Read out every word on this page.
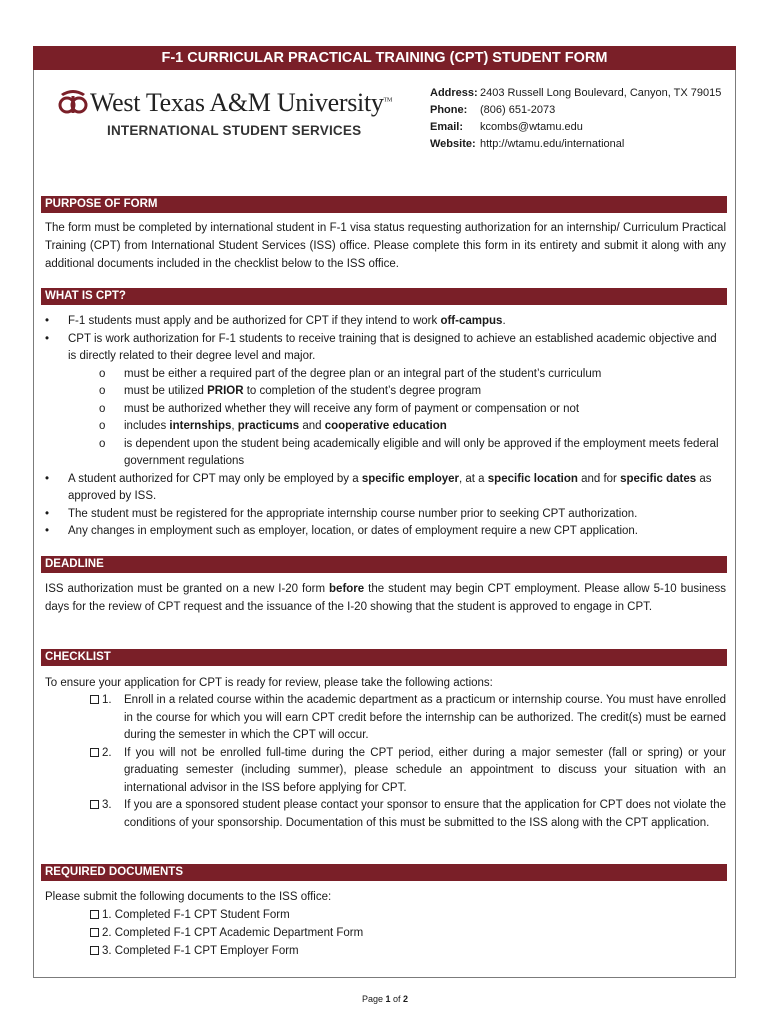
F-1 CURRICULAR PRACTICAL TRAINING (CPT) STUDENT FORM
West Texas A&M University™
INTERNATIONAL STUDENT SERVICES
Address: 2403 Russell Long Boulevard, Canyon, TX 79015
Phone: (806) 651-2073
Email: kcombs@wtamu.edu
Website: http://wtamu.edu/international
PURPOSE OF FORM
The form must be completed by international student in F-1 visa status requesting authorization for an internship/ Curriculum Practical Training (CPT) from International Student Services (ISS) office. Please complete this form in its entirety and submit it along with any additional documents included in the checklist below to the ISS office.
WHAT IS CPT?
• F-1 students must apply and be authorized for CPT if they intend to work off-campus.
• CPT is work authorization for F-1 students to receive training that is designed to achieve an established academic objective and is directly related to their degree level and major.
o must be either a required part of the degree plan or an integral part of the student’s curriculum
o must be utilized PRIOR to completion of the student’s degree program
o must be authorized whether they will receive any form of payment or compensation or not
o includes internships, practicums and cooperative education
o is dependent upon the student being academically eligible and will only be approved if the employment meets federal government regulations
• A student authorized for CPT may only be employed by a specific employer, at a specific location and for specific dates as approved by ISS.
• The student must be registered for the appropriate internship course number prior to seeking CPT authorization.
• Any changes in employment such as employer, location, or dates of employment require a new CPT application.
DEADLINE
ISS authorization must be granted on a new I-20 form before the student may begin CPT employment. Please allow 5-10 business days for the review of CPT request and the issuance of the I-20 showing that the student is approved to engage in CPT.
CHECKLIST
To ensure your application for CPT is ready for review, please take the following actions:
1. Enroll in a related course within the academic department as a practicum or internship course. You must have enrolled in the course for which you will earn CPT credit before the internship can be authorized. The credit(s) must be earned during the semester in which the CPT will occur.
2. If you will not be enrolled full-time during the CPT period, either during a major semester (fall or spring) or your graduating semester (including summer), please schedule an appointment to discuss your situation with an international advisor in the ISS before applying for CPT.
3. If you are a sponsored student please contact your sponsor to ensure that the application for CPT does not violate the conditions of your sponsorship. Documentation of this must be submitted to the ISS along with the CPT application.
REQUIRED DOCUMENTS
Please submit the following documents to the ISS office:
1. Completed F-1 CPT Student Form
2. Completed F-1 CPT Academic Department Form
3. Completed F-1 CPT Employer Form
Page 1 of 2
